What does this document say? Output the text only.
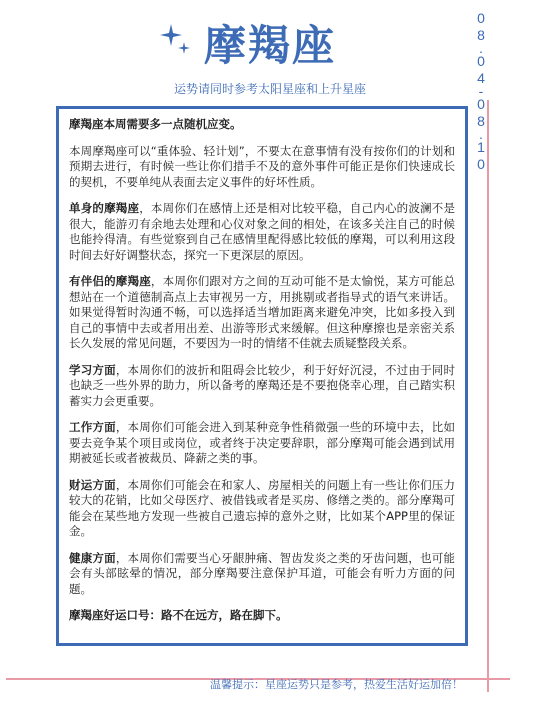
摩羯座
运势请同时参考太阳星座和上升星座
0
8
.
0
4
-
0
8
.
1
0

摩羯座本周需要多一点随机应变。

本周摩羯座可以“重体验、轻计划”，不要太在意事情有没有按你们的计划和预期去进行，有时候一些让你们措手不及的意外事件可能正是你们快速成长的契机，不要单纯从表面去定义事件的好坏性质。

单身的摩羯座，本周你们在感情上还是相对比较平稳，自己内心的波澜不是很大，能游刃有余地去处理和心仪对象之间的相处，在该多关注自己的时候也能拎得清。有些觉察到自己在感情里配得感比较低的摩羯，可以利用这段时间去好好调整状态，探究一下更深层的原因。

有伴侣的摩羯座，本周你们跟对方之间的互动可能不是太愉悦，某方可能总想站在一个道德制高点上去审视另一方，用挑剔或者指导式的语气来讲话。如果觉得暂时沟通不畅，可以选择适当增加距离来避免冲突，比如多投入到自己的事情中去或者用出差、出游等形式来缓解。但这种摩擦也是亲密关系长久发展的常见问题，不要因为一时的情绪不佳就去质疑整段关系。

学习方面，本周你们的波折和阻碍会比较少，利于好好沉浸，不过由于同时也缺乏一些外界的助力，所以备考的摩羯还是不要抱侥幸心理，自己踏实积蓄实力会更重要。

工作方面，本周你们可能会进入到某种竞争性稍微强一些的环境中去，比如要去竞争某个项目或岗位，或者终于决定要辞职，部分摩羯可能会遇到试用期被延长或者被裁员、降薪之类的事。

财运方面，本周你们可能会在和家人、房屋相关的问题上有一些让你们压力较大的花销，比如父母医疗、被借钱或者是买房、修缮之类的。部分摩羯可能会在某些地方发现一些被自己遗忘掉的意外之财，比如某个APP里的保证金。

健康方面，本周你们需要当心牙龈肿痛、智齿发炎之类的牙齿问题，也可能会有头部眩晕的情况，部分摩羯要注意保护耳道，可能会有听力方面的问题。

摩羯座好运口号：路不在远方，路在脚下。

温馨提示：星座运势只是参考，热爱生活好运加倍！
